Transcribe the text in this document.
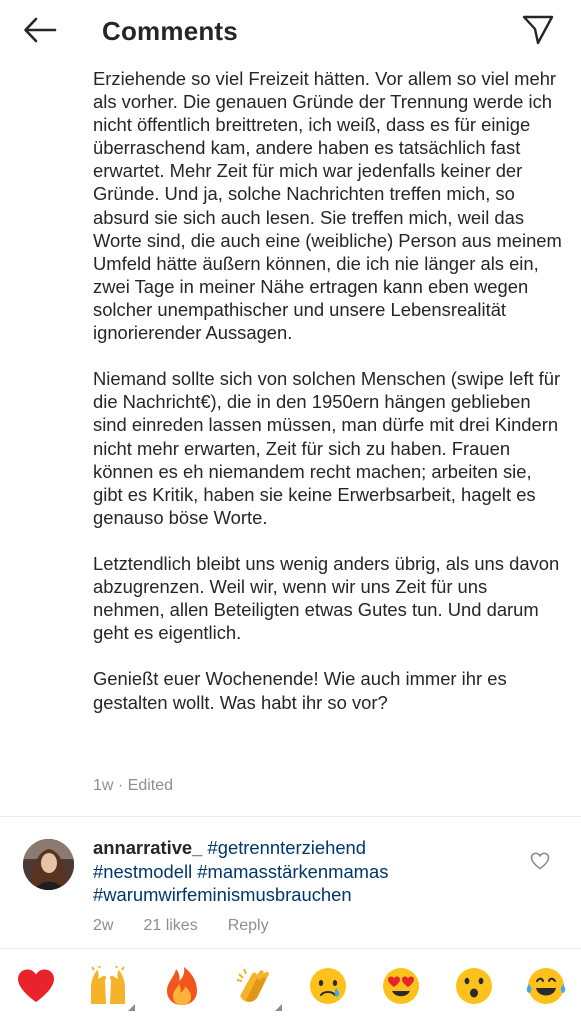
Comments

Erziehende so viel Freizeit hätten. Vor allem so viel mehr als vorher. Die genauen Gründe der Trennung werde ich nicht öffentlich breittreten, ich weiß, dass es für einige überraschend kam, andere haben es tatsächlich fast erwartet. Mehr Zeit für mich war jedenfalls keiner der Gründe. Und ja, solche Nachrichten treffen mich, so absurd sie sich auch lesen. Sie treffen mich, weil das Worte sind, die auch eine (weibliche) Person aus meinem Umfeld hätte äußern können, die ich nie länger als ein, zwei Tage in meiner Nähe ertragen kann eben wegen solcher unempathischer und unsere Lebensrealität ignorierender Aussagen.

Niemand sollte sich von solchen Menschen (swipe left für die Nachricht€), die in den 1950ern hängen geblieben sind einreden lassen müssen, man dürfe mit drei Kindern nicht mehr erwarten, Zeit für sich zu haben. Frauen können es eh niemandem recht machen; arbeiten sie, gibt es Kritik, haben sie keine Erwerbsarbeit, hagelt es genauso böse Worte.

Letztendlich bleibt uns wenig anders übrig, als uns davon abzugrenzen. Weil wir, wenn wir uns Zeit für uns nehmen, allen Beteiligten etwas Gutes tun. Und darum geht es eigentlich.

Genießt euer Wochenende! Wie auch immer ihr es gestalten wollt. Was habt ihr so vor?

1w · Edited
annarrative_ #getrennterziehend
#nestmodell #mamasstärkenmamas
#warumwirfeminismusbrauchen
2w 21 likes Reply
